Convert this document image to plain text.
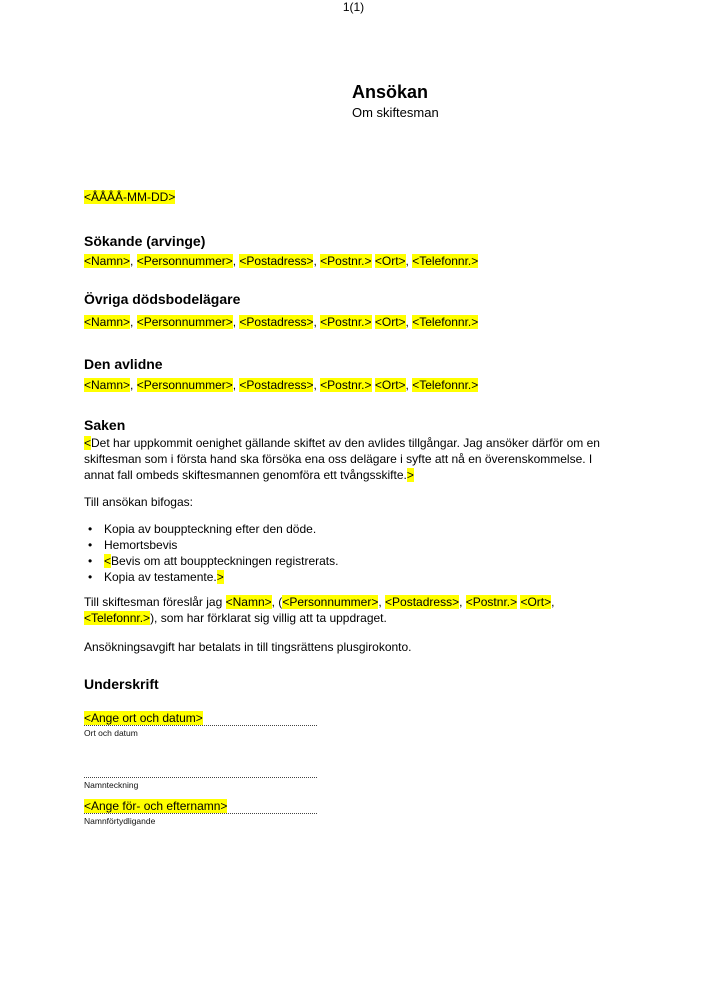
Ansökan
Om skiftesman
<ÅÅÅÅ-MM-DD>
Sökande (arvinge)
<Namn>, <Personnummer>, <Postadress>, <Postnr.> <Ort>, <Telefonnr.>
Övriga dödsbodelägare
<Namn>, <Personnummer>, <Postadress>, <Postnr.> <Ort>, <Telefonnr.>
Den avlidne
<Namn>, <Personnummer>, <Postadress>, <Postnr.> <Ort>, <Telefonnr.>
Saken
<Det har uppkommit oenighet gällande skiftet av den avlides tillgångar. Jag ansöker därför om en skiftesman som i första hand ska försöka ena oss delägare i syfte att nå en överenskommelse. I annat fall ombeds skiftesmannen genomföra ett tvångsskifte.>
Till ansökan bifogas:
• Kopia av bouppteckning efter den döde.
• Hemortsbevis
• <Bevis om att bouppteckningen registrerats.
• Kopia av testamente.>
Till skiftesman föreslår jag <Namn>, (<Personnummer>, <Postadress>, <Postnr.> <Ort>, <Telefonnr.>), som har förklarat sig villig att ta uppdraget.
Ansökningsavgift har betalats in till tingsrättens plusgirokonto.
Underskrift
<Ange ort och datum>
Ort och datum
Namnteckning
<Ange för- och efternamn>
Namnförtydligande
1(1)
